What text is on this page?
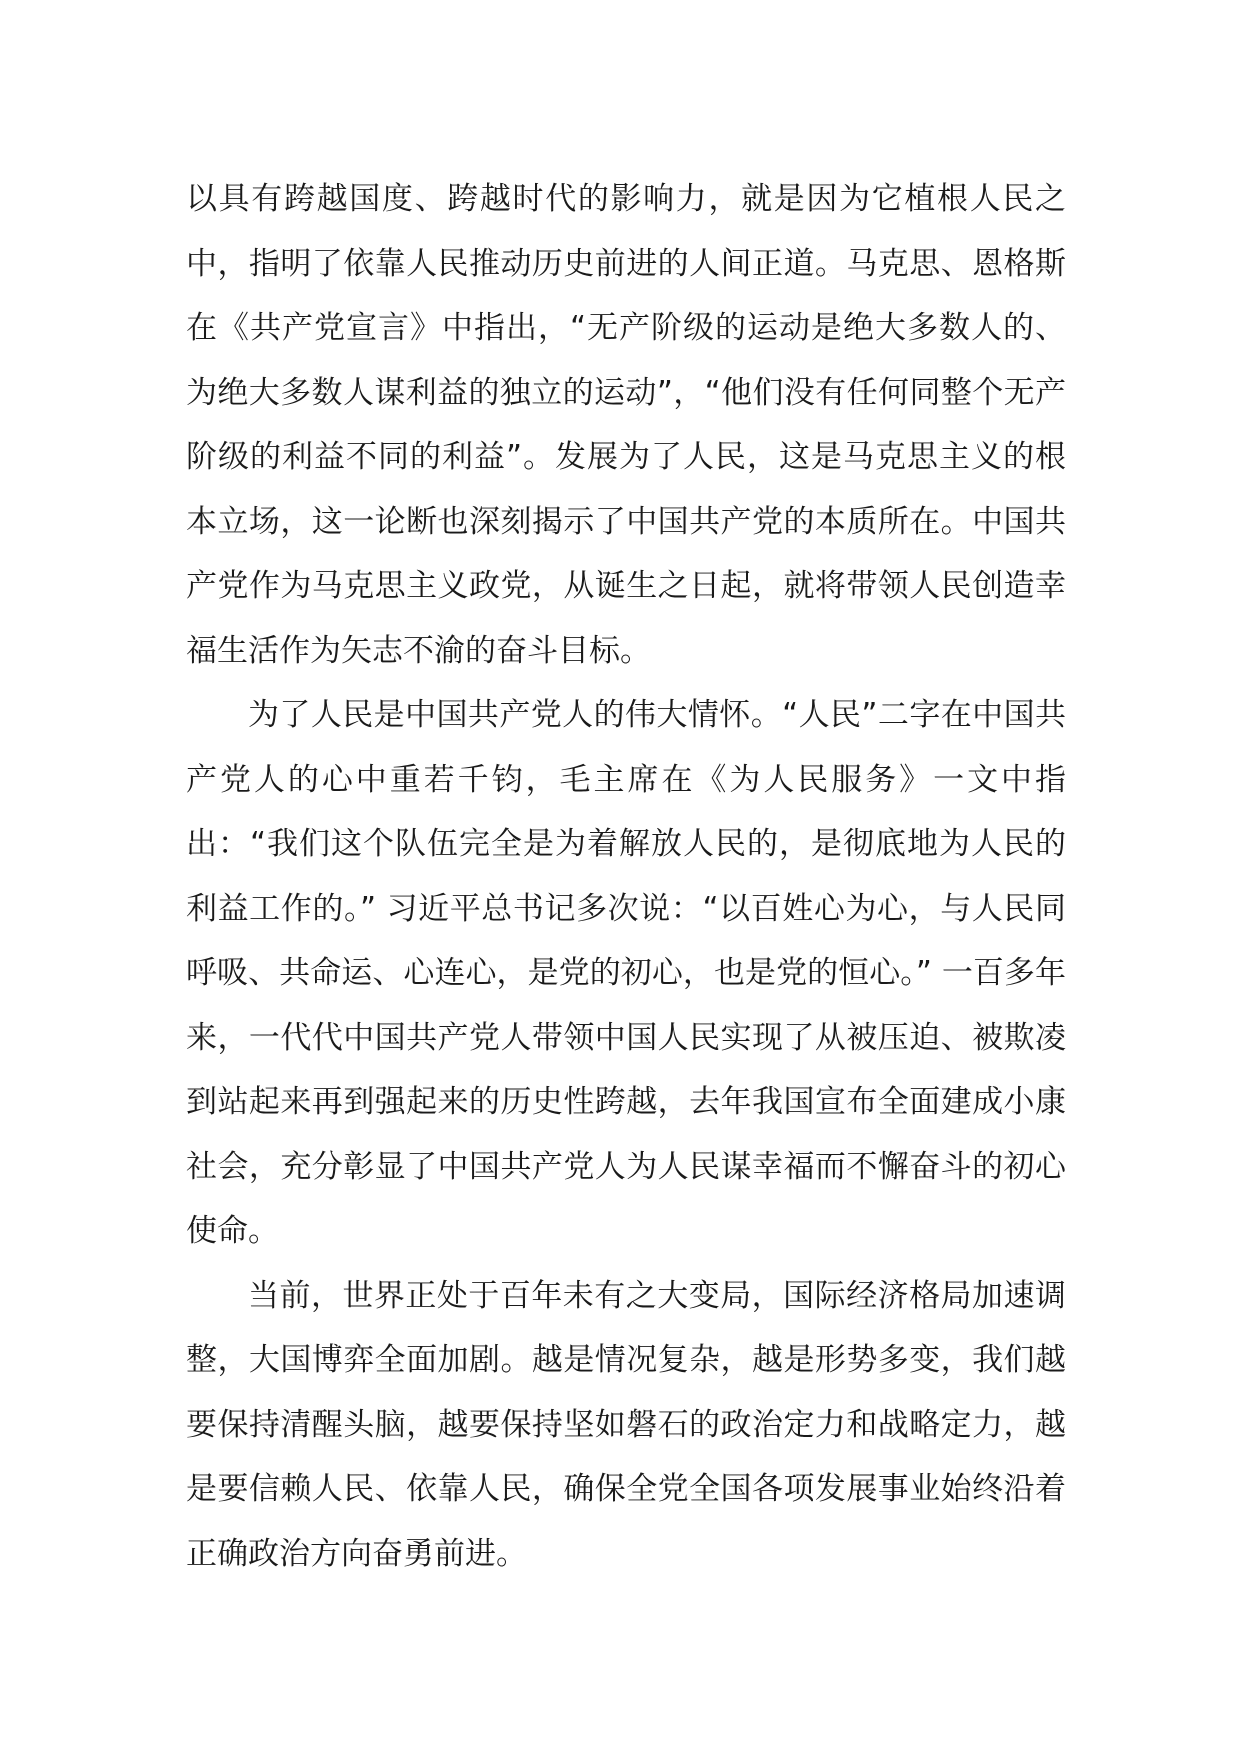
以具有跨越国度、跨越时代的影响力，就是因为它植根人民之中，指明了依靠人民推动历史前进的人间正道。马克思、恩格斯在《共产党宣言》中指出，“无产阶级的运动是绝大多数人的、为绝大多数人谋利益的独立的运动”，“他们没有任何同整个无产阶级的利益不同的利益”。发展为了人民，这是马克思主义的根本立场，这一论断也深刻揭示了中国共产党的本质所在。中国共产党作为马克思主义政党，从诞生之日起，就将带领人民创造幸福生活作为矢志不渝的奋斗目标。

为了人民是中国共产党人的伟大情怀。“人民”二字在中国共产党人的心中重若千钧，毛主席在《为人民服务》一文中指出：“我们这个队伍完全是为着解放人民的，是彻底地为人民的利益工作的。” 习近平总书记多次说：“以百姓心为心，与人民同呼吸、共命运、心连心，是党的初心，也是党的恒心。” 一百多年来，一代代中国共产党人带领中国人民实现了从被压迫、被欺凌到站起来再到强起来的历史性跨越，去年我国宣布全面建成小康社会，充分彰显了中国共产党人为人民谋幸福而不懈奋斗的初心使命。

当前，世界正处于百年未有之大变局，国际经济格局加速调整，大国博弈全面加剧。越是情况复杂，越是形势多变，我们越要保持清醒头脑，越要保持坚如磐石的政治定力和战略定力，越是要信赖人民、依靠人民，确保全党全国各项发展事业始终沿着正确政治方向奋勇前进。
